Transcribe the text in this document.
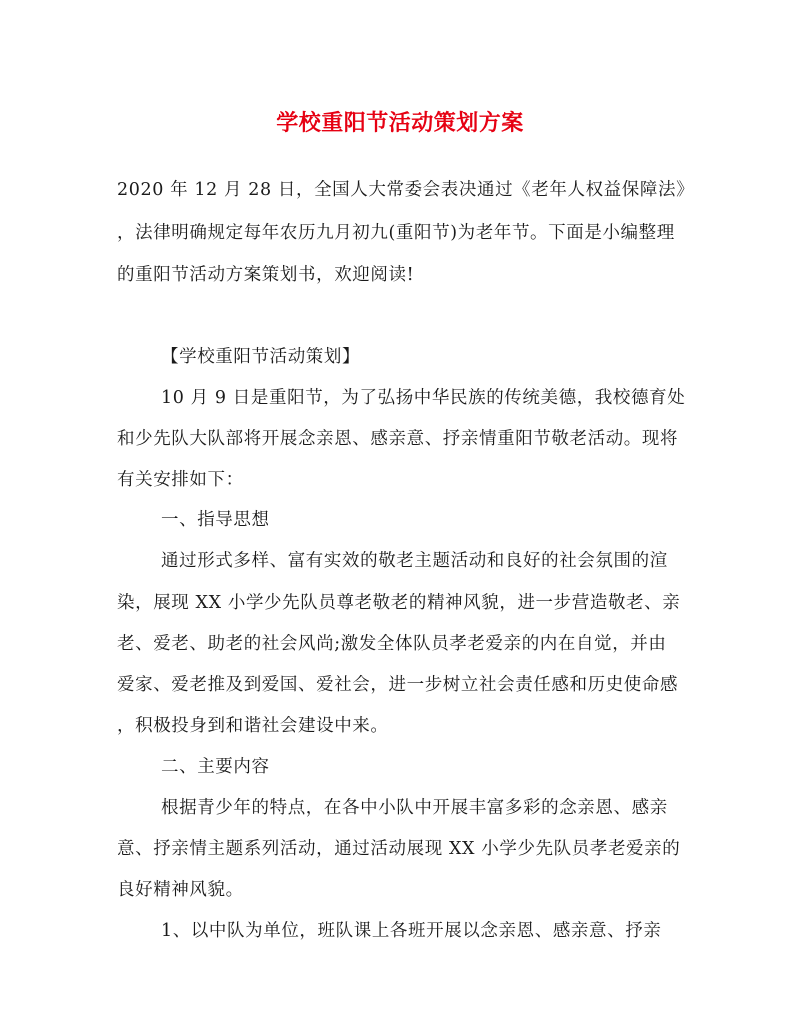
学校重阳节活动策划方案
2020 年 12 月 28 日，全国人大常委会表决通过《老年人权益保障法》
，法律明确规定每年农历九月初九(重阳节)为老年节。下面是小编整理
的重阳节活动方案策划书，欢迎阅读!
【学校重阳节活动策划】
10 月 9 日是重阳节，为了弘扬中华民族的传统美德，我校德育处
和少先队大队部将开展念亲恩、感亲意、抒亲情重阳节敬老活动。现将
有关安排如下：
一、指导思想
通过形式多样、富有实效的敬老主题活动和良好的社会氛围的渲
染，展现 XX 小学少先队员尊老敬老的精神风貌，进一步营造敬老、亲
老、爱老、助老的社会风尚;激发全体队员孝老爱亲的内在自觉，并由
爱家、爱老推及到爱国、爱社会，进一步树立社会责任感和历史使命感
，积极投身到和谐社会建设中来。
二、主要内容
根据青少年的特点，在各中小队中开展丰富多彩的念亲恩、感亲
意、抒亲情主题系列活动，通过活动展现 XX 小学少先队员孝老爱亲的
良好精神风貌。
1、以中队为单位，班队课上各班开展以念亲恩、感亲意、抒亲
